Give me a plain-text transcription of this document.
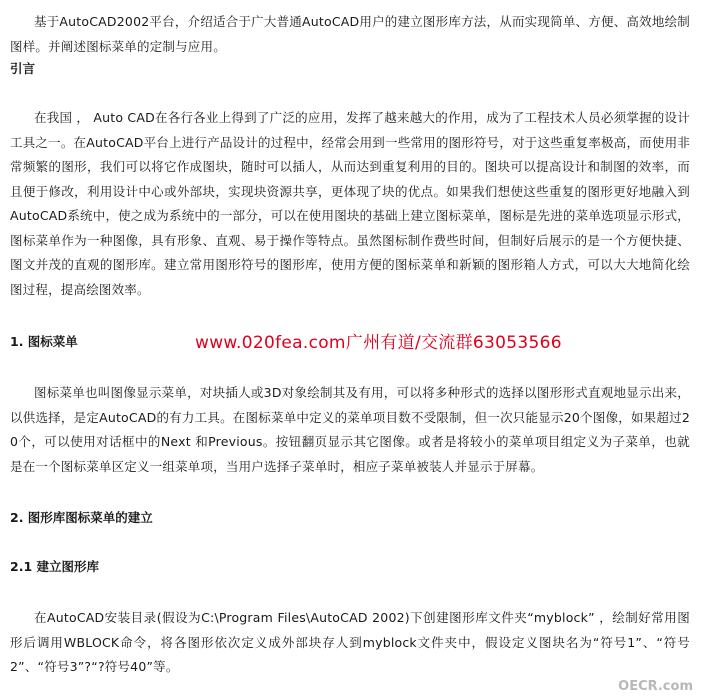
基于AutoCAD2002平台，介绍适合于广大普通AutoCAD用户的建立图形库方法，从而实现简单、方便、高效地绘制图样。并阐述图标菜单的定制与应用。

引言

在我国 ， Auto CAD在各行各业上得到了广泛的应用，发挥了越来越大的作用，成为了工程技术人员必须掌握的设计工具之一。在AutoCAD平台上进行产品设计的过程中，经常会用到一些常用的图形符号，对于这些重复率极高，而使用非常频繁的图形，我们可以将它作成图块，随时可以插人，从而达到重复利用的目的。图块可以提高设计和制图的效率，而且便于修改，利用设计中心或外部块，实现块资源共享，更体现了块的优点。如果我们想使这些重复的图形更好地融入到AutoCAD系统中，使之成为系统中的一部分，可以在使用图块的基础上建立图标菜单，图标是先进的菜单选项显示形式，图标菜单作为一种图像，具有形象、直观、易于操作等特点。虽然图标制作费些时间，但制好后展示的是一个方便快捷、图文并茂的直观的图形库。建立常用图形符号的图形库，使用方便的图标菜单和新颖的图形箱人方式，可以大大地简化绘图过程，提高绘图效率。

1. 图标菜单	www.020fea.com广州有道/交流群63053566

图标菜单也叫图像显示菜单，对块插人或3D对象绘制其及有用，可以将多种形式的选择以图形形式直观地显示出来，以供选择，是定AutoCAD的有力工具。在图标菜单中定义的菜单项目数不受限制，但一次只能显示20个图像，如果超过20个，可以使用对话框中的Next 和Previous。按钮翻页显示其它图像。或者是将较小的菜单项目组定义为子菜单，也就是在一个图标菜单区定义一组菜单项，当用户选择子菜单时，相应子菜单被装人并显示于屏幕。

2. 图形库图标菜单的建立

2.1 建立图形库

在AutoCAD安装目录(假设为C:\Program Files\AutoCAD 2002)下创建图形库文件夹“myblock” ，绘制好常用图形后调用WBLOCK命令，将各图形依次定义成外部块存人到myblock文件夹中，假设定义图块名为“符号1”、“符号2”、“符号3”?“?符号40”等。

OECR.com
